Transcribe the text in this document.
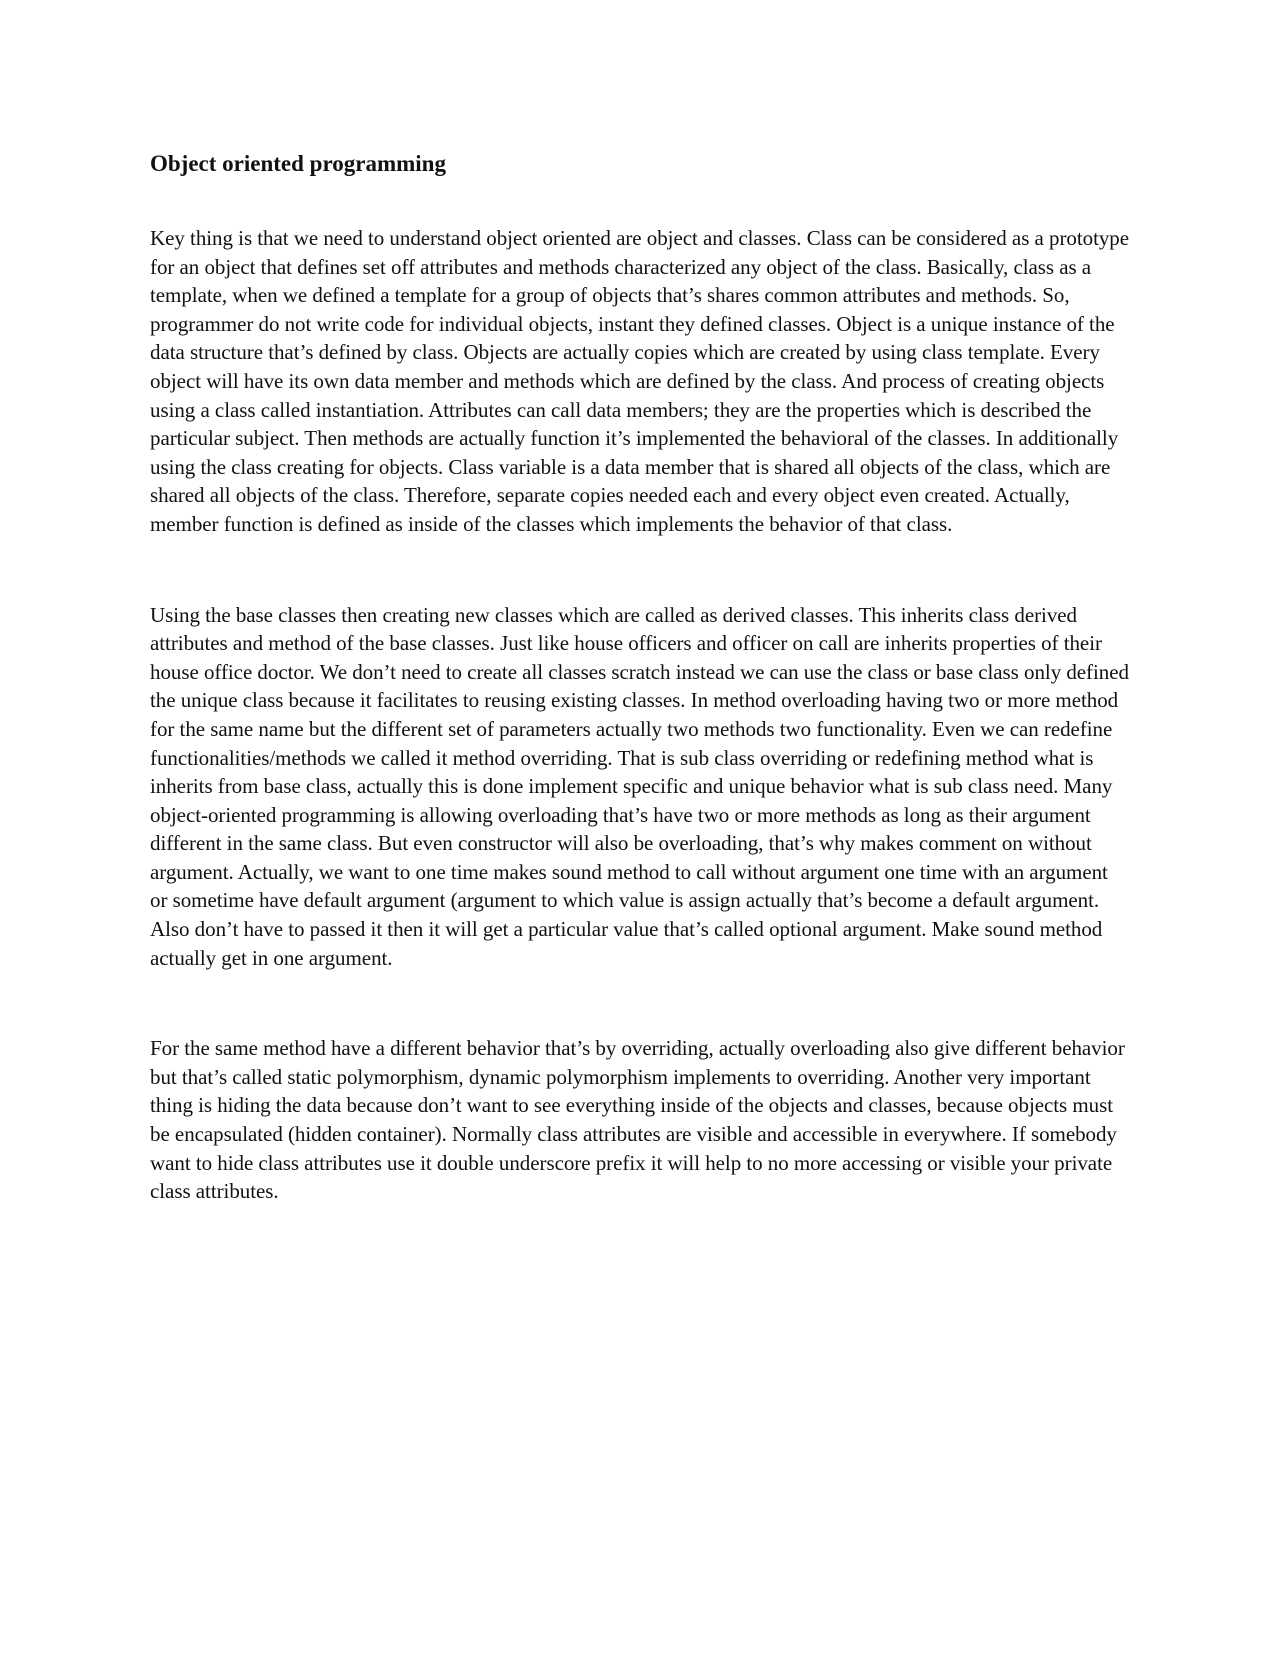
Object oriented programming

Key thing is that we need to understand object oriented are object and classes. Class can be considered as a prototype for an object that defines set off attributes and methods characterized any object of the class. Basically, class as a template, when we defined a template for a group of objects that’s shares common attributes and methods. So, programmer do not write code for individual objects, instant they defined classes. Object is a unique instance of the data structure that’s defined by class. Objects are actually copies which are created by using class template. Every object will have its own data member and methods which are defined by the class. And process of creating objects using a class called instantiation. Attributes can call data members; they are the properties which is described the particular subject. Then methods are actually function it’s implemented the behavioral of the classes. In additionally using the class creating for objects. Class variable is a data member that is shared all objects of the class, which are shared all objects of the class. Therefore, separate copies needed each and every object even created. Actually, member function is defined as inside of the classes which implements the behavior of that class.

Using the base classes then creating new classes which are called as derived classes. This inherits class derived attributes and method of the base classes. Just like house officers and officer on call are inherits properties of their house office doctor. We don’t need to create all classes scratch instead we can use the class or base class only defined the unique class because it facilitates to reusing existing classes. In method overloading having two or more method for the same name but the different set of parameters actually two methods two functionality. Even we can redefine functionalities/methods we called it method overriding. That is sub class overriding or redefining method what is inherits from base class, actually this is done implement specific and unique behavior what is sub class need. Many object-oriented programming is allowing overloading that’s have two or more methods as long as their argument different in the same class. But even constructor will also be overloading, that’s why makes comment on without argument. Actually, we want to one time makes sound method to call without argument one time with an argument or sometime have default argument (argument to which value is assign actually that’s become a default argument. Also don’t have to passed it then it will get a particular value that’s called optional argument. Make sound method actually get in one argument.

For the same method have a different behavior that’s by overriding, actually overloading also give different behavior but that’s called static polymorphism, dynamic polymorphism implements to overriding. Another very important thing is hiding the data because don’t want to see everything inside of the objects and classes, because objects must be encapsulated (hidden container). Normally class attributes are visible and accessible in everywhere. If somebody want to hide class attributes use it double underscore prefix it will help to no more accessing or visible your private class attributes.
